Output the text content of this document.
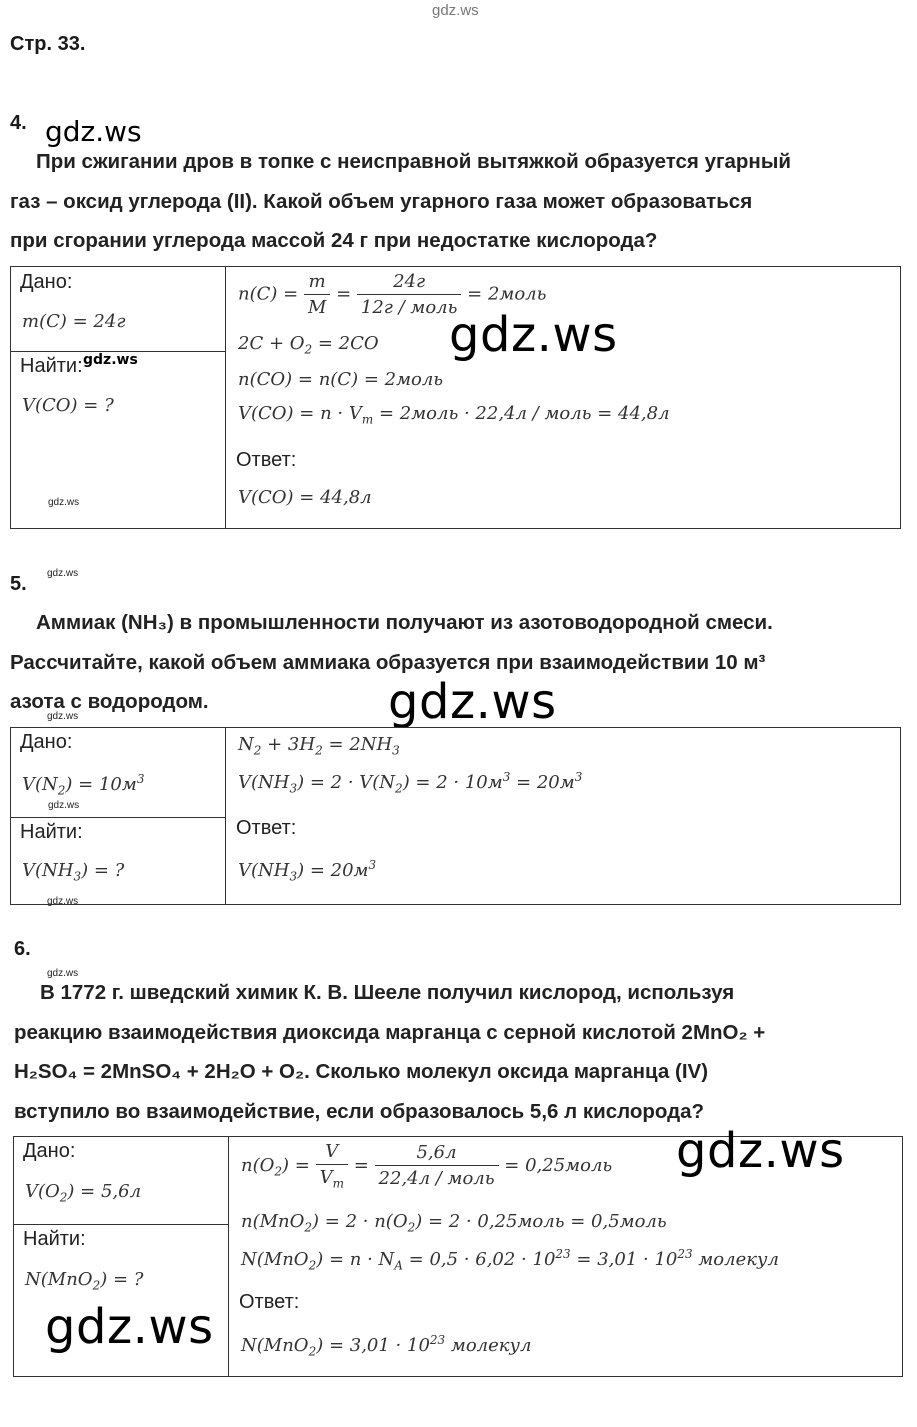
gdz.ws
Стр. 33.
4. gdz.ws

При сжигании дров в топке с неисправной вытяжкой образуется угарный

газ – оксид углерода (II). Какой объем угарного газа может образоваться

при сгорании углерода массой 24 г при недостатке кислорода?

Дано:
m(C) = 24г
Найти: gdz.ws
V(CO) = ?
gdz.ws
$n(C) = \frac{m}{M} = \frac{24г}{\text{12г / моль}}$ = 2моль
$2C + O_2 = 2CO$
n(CO) = n(C) = 2моль
$V(CO) = n \cdot V_m$ = 2моль · 22,4л / моль = 44,8л
Ответ:
V(CO) = 44,8л
gdz.ws
5. gdz.ws

Аммиак (NH₃) в промышленности получают из азотоводородной смеси.

Рассчитайте, какой объем аммиака образуется при взаимодействии 10 м³

азота с водородом.	gdz.ws
gdz.ws
Дано:
$V(N_2) = 10м^3$
gdz.ws
Найти:
$V(NH_3)$ = ?
$N_2 + 3H_2 = 2NH_3$
$V(NH_3) = 2 \cdot V(N_2) = 2 \cdot 10м^3 = 20м^3$
Ответ:
$V(NH_3) = 20м^3$
gdz.ws
6.
gdz.ws

В 1772 г. шведский химик К. В. Шееле получил кислород, используя

реакцию взаимодействия диоксида марганца с серной кислотой 2MnO₂ +

H₂SO₄ = 2MnSO₄ + 2H₂O + O₂. Сколько молекул оксида марганца (IV)

вступило во взаимодействие, если образовалось 5,6 л кислорода?

Дано:
$V(O_2) = 5,6л$
Найти:
N(MnO$_2$) = ?
$n(O_2) = \frac{V}{V_m} = \frac{5,6л}{\text{22,4л / моль}}$ = 0,25моль
$n(MnO_2) = 2 \cdot n(O_2) = 2$ · 0,25моль = 0,5моль
$N(MnO_2) = n \cdot N_A = 0,5 \cdot 6,02 \cdot 10^{23} = 3,01 \cdot 10^{23}$ молекул
Ответ:
$N(MnO_2) = 3,01 \cdot 10^{23}$ молекул
gdz.ws
gdz.ws
